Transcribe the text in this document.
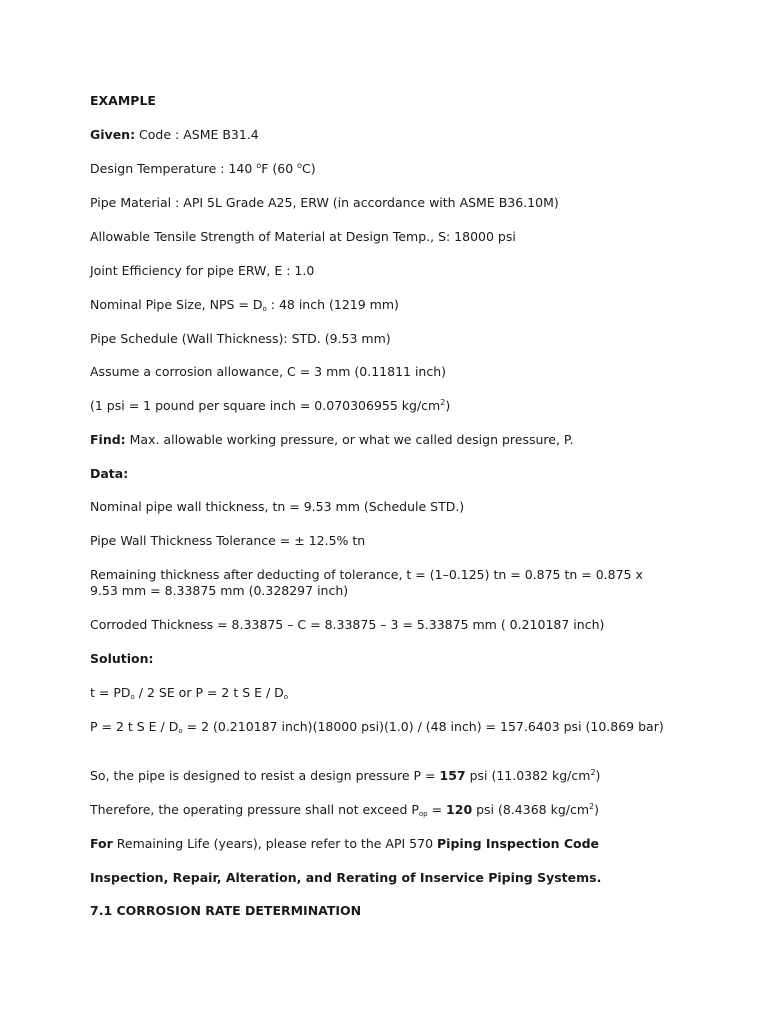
EXAMPLE
Given: Code : ASME B31.4
Design Temperature : 140 $^o$F (60 $^o$C)
Pipe Material : API 5L Grade A25, ERW (in accordance with ASME B36.10M)
Allowable Tensile Strength of Material at Design Temp., S: 18000 psi
Joint Efficiency for pipe ERW, E : 1.0
Nominal Pipe Size, NPS = $D_o$ : 48 inch (1219 mm)
Pipe Schedule (Wall Thickness): STD. (9.53 mm)
Assume a corrosion allowance, C = 3 mm (0.11811 inch)
(1 psi = 1 pound per square inch = 0.070306955 $kg/cm^2$)
Find: Max. allowable working pressure, or what we called design pressure, P.
Data:
Nominal pipe wall thickness, tn = 9.53 mm (Schedule STD.)
Pipe Wall Thickness Tolerance = ± 12.5% tn
Remaining thickness after deducting of tolerance, t = (1–0.125) tn = 0.875 tn = 0.875 x 9.53 mm = 8.33875 mm (0.328297 inch)
Corroded Thickness = 8.33875 – C = 8.33875 – 3 = 5.33875 mm ( 0.210187 inch)
Solution:
$t = PD_o / 2$ SE or P = 2 t S E / $D_o$
P = 2 t S $E / D_o = 2$ (0.210187 inch)(18000 psi)(1.0) / (48 inch) = 157.6403 psi (10.869 bar)
So, the pipe is designed to resist a design pressure P = 157 psi (11.0382 $kg/cm^2$)
Therefore, the operating pressure shall not exceed $P_{op} = 120$ psi (8.4368 $kg/cm^2$)
For Remaining Life (years), please refer to the API 570 Piping Inspection Code
Inspection, Repair, Alteration, and Rerating of Inservice Piping Systems.
7.1 CORROSION RATE DETERMINATION
